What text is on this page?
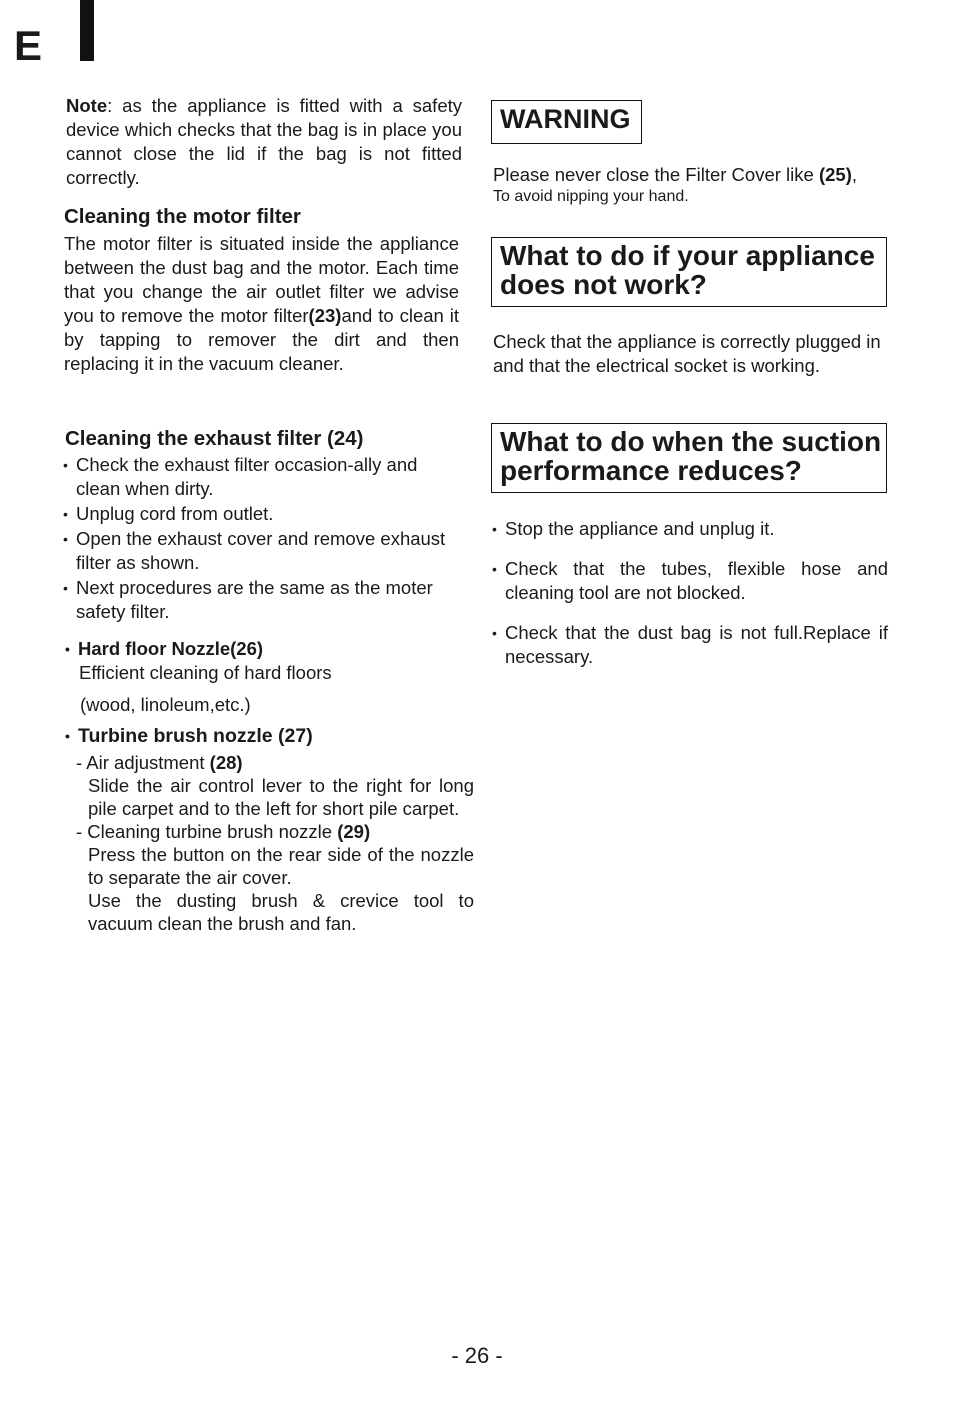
E

Note: as the appliance is fitted with a safety device which checks that the bag is in place you cannot close the lid if the bag is not fitted correctly.

Cleaning the motor filter

The motor filter is situated inside the appliance between the dust bag and the motor. Each time that you change the air outlet filter we advise you to remove the motor filter(23)and to clean it by tapping to remover the dirt and then replacing it in the vacuum cleaner.

Cleaning the exhaust filter (24)

• Check the exhaust filter occasion-ally and clean when dirty.

• Unplug cord from outlet.

• Open the exhaust cover and remove exhaust filter as shown.

• Next procedures are the same as the moter safety filter.

• Hard floor Nozzle(26)

Efficient cleaning of hard floors

(wood, linoleum,etc.)

• Turbine brush nozzle (27)

- Air adjustment (28)

Slide the air control lever to the right for long pile carpet and to the left for short pile carpet.

- Cleaning turbine brush nozzle (29)

Press the button on the rear side of the nozzle to separate the air cover.

Use the dusting brush & crevice tool to vacuum clean the brush and fan.

WARNING

Please never close the Filter Cover like (25),

To avoid nipping your hand.

What to do if your appliance does not work?

Check that the appliance is correctly plugged in and that the electrical socket is working.

What to do when the suction performance reduces?

• Stop the appliance and unplug it.

• Check that the tubes, flexible hose and cleaning tool are not blocked.

• Check that the dust bag is not full.Replace if necessary.

- 26 -
